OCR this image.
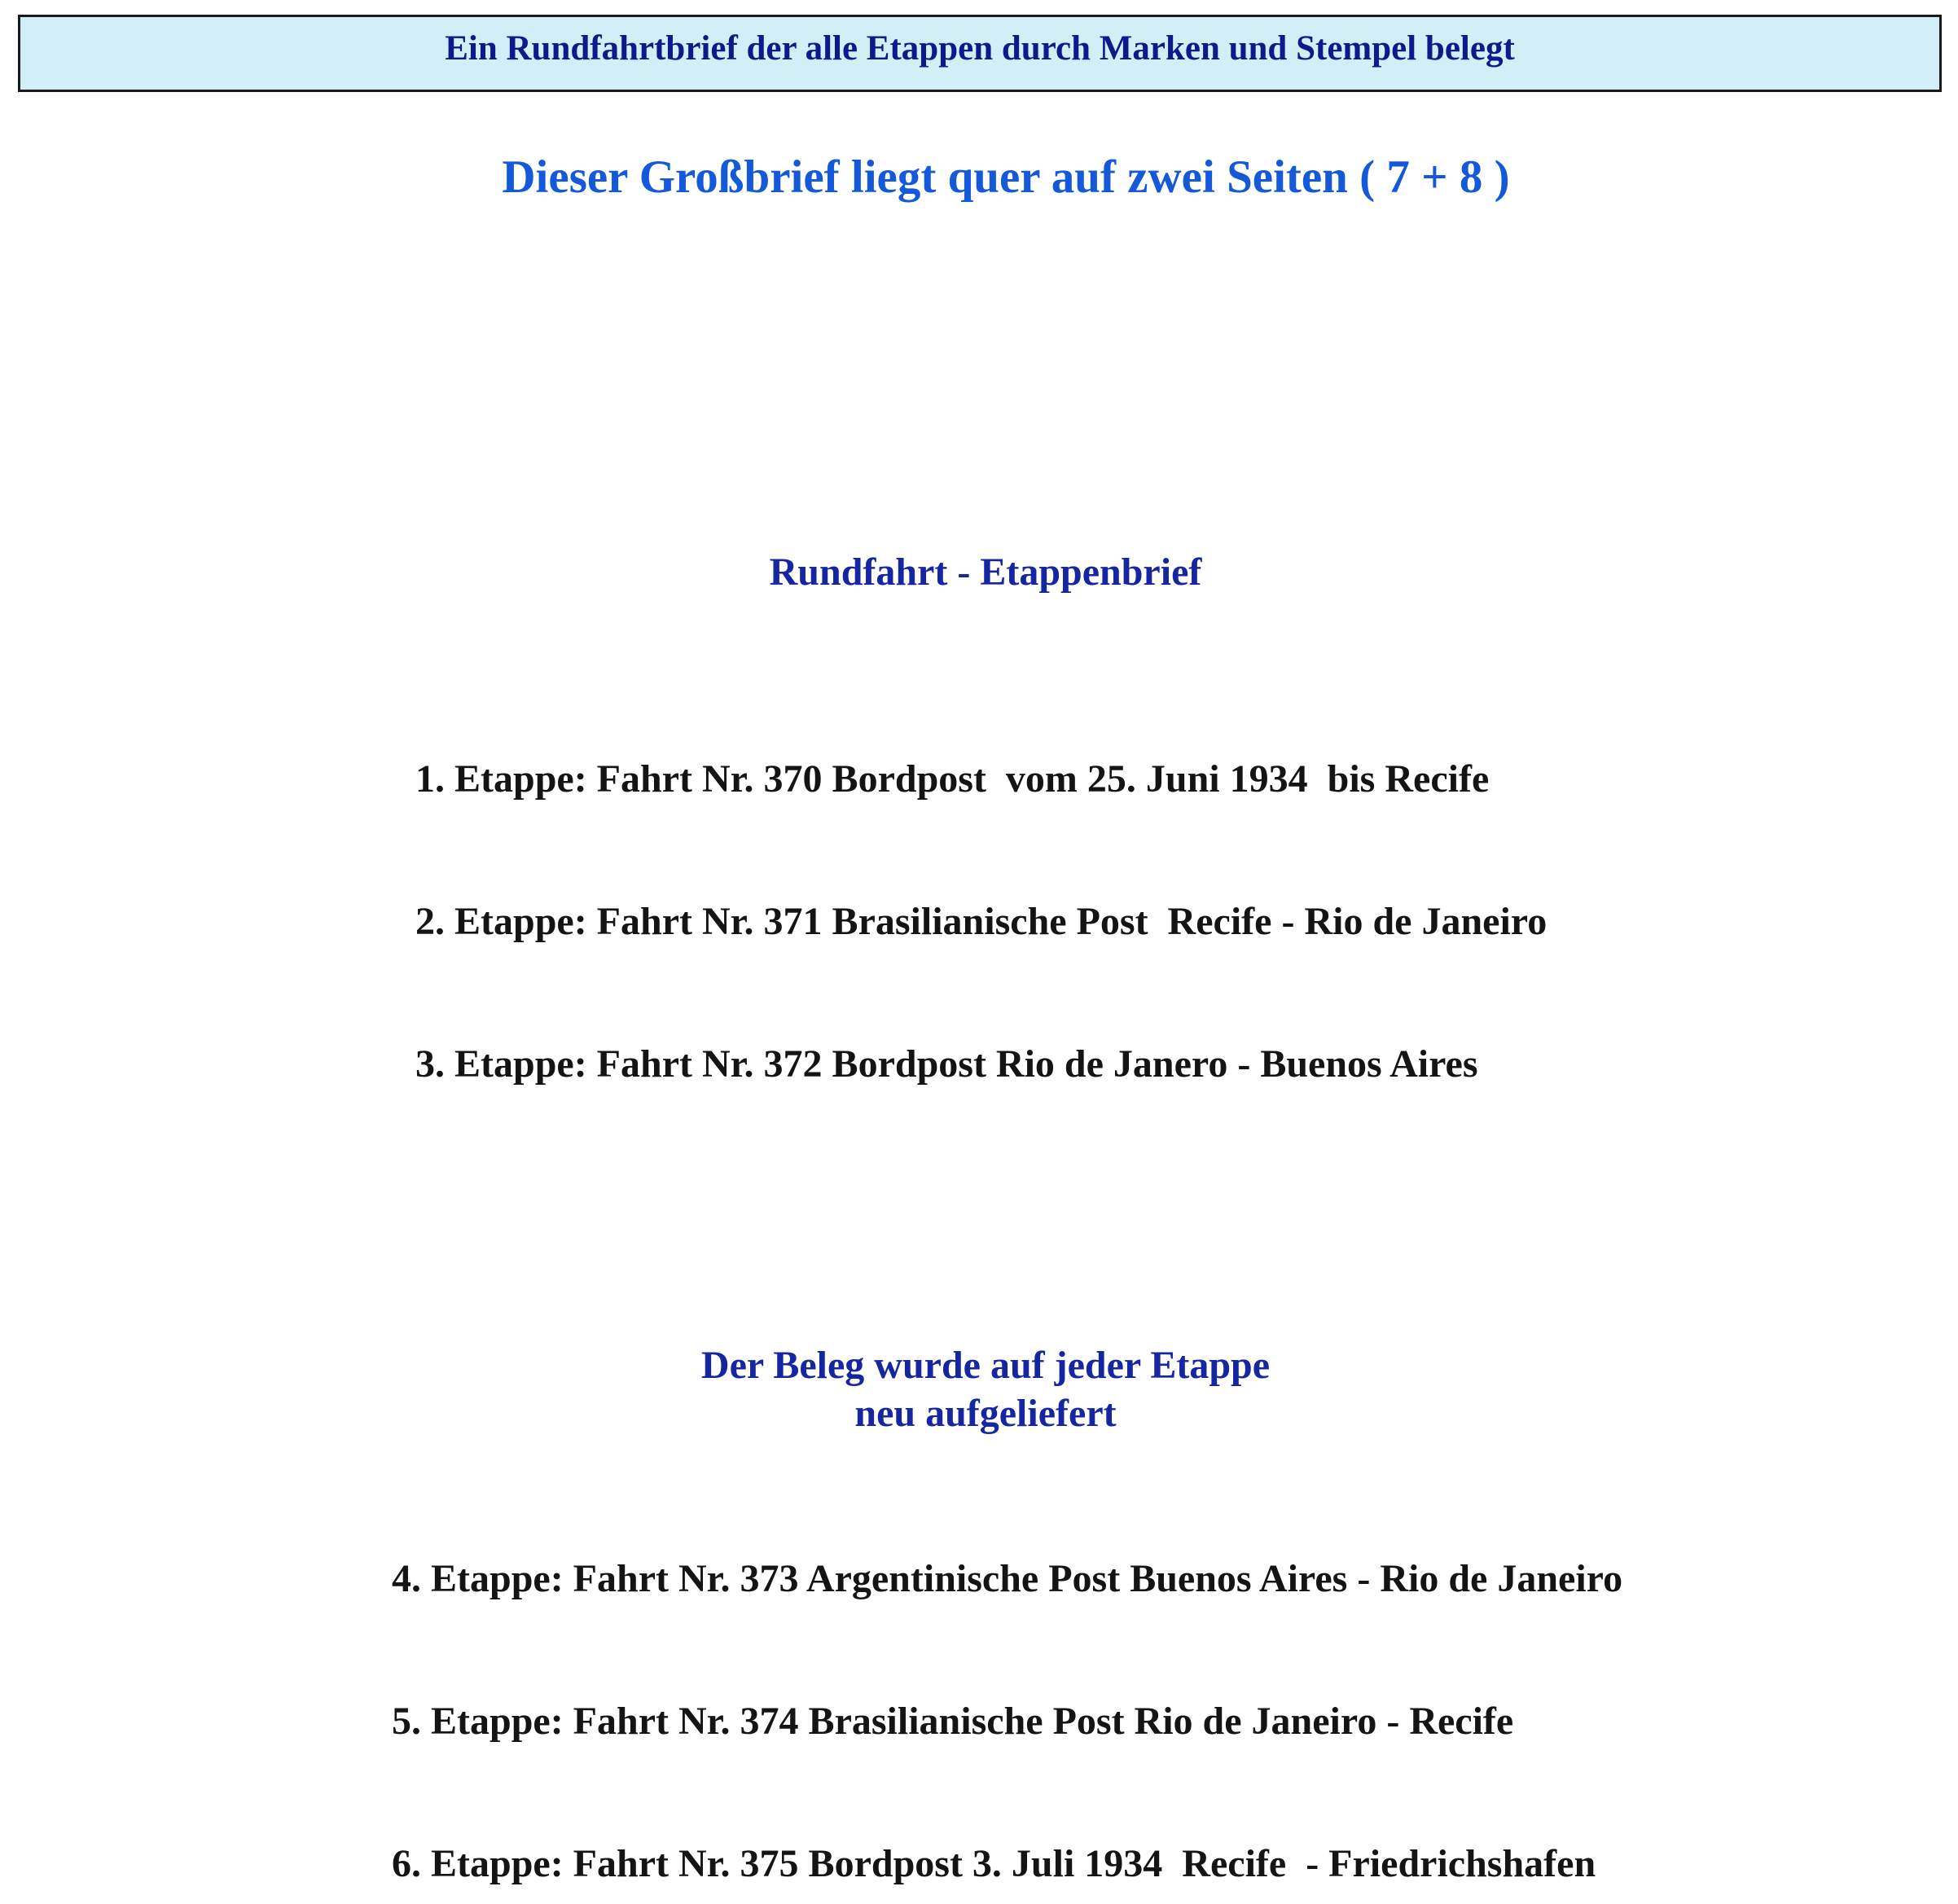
Ein Rundfahrtbrief der alle Etappen durch Marken und Stempel belegt
Dieser Großbrief liegt quer auf zwei Seiten ( 7 + 8 )
Rundfahrt - Etappenbrief
1. Etappe: Fahrt Nr. 370 Bordpost  vom 25. Juni 1934  bis Recife
2. Etappe: Fahrt Nr. 371 Brasilianische Post  Recife - Rio de Janeiro
3. Etappe: Fahrt Nr. 372 Bordpost Rio de Janero - Buenos Aires
Der Beleg wurde auf jeder Etappe
neu aufgeliefert
4. Etappe: Fahrt Nr. 373 Argentinische Post Buenos Aires - Rio de Janeiro
5. Etappe: Fahrt Nr. 374 Brasilianische Post Rio de Janeiro - Recife
6. Etappe: Fahrt Nr. 375 Bordpost 3. Juli 1934  Recife  - Friedrichshafen
